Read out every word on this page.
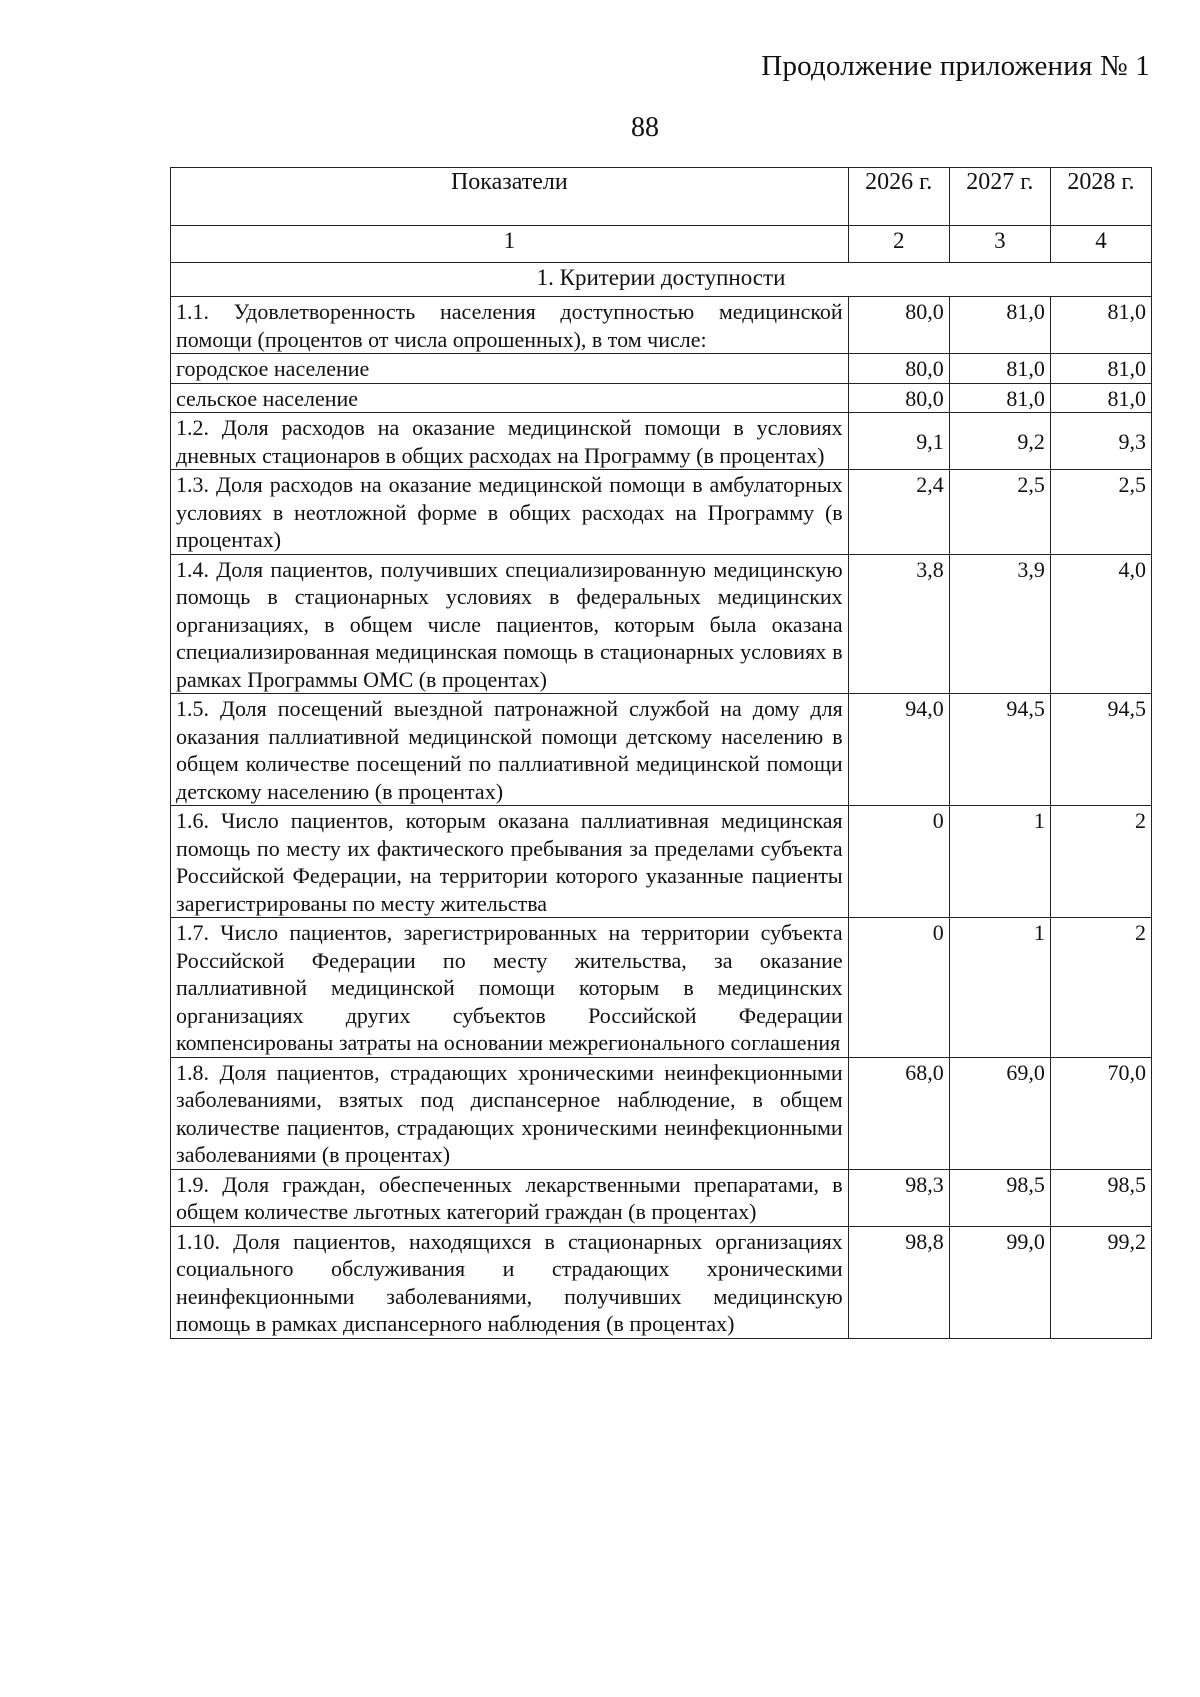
Продолжение приложения № 1
88
Показатели	2026 г.	2027 г.	2028 г.
1	2	3	4
1. Критерии доступности			
1.1. Удовлетворенность населения доступностью медицинской помощи (процентов от числа опрошенных), в том числе:	80,0	81,0	81,0
городское население	80,0	81,0	81,0
сельское население	80,0	81,0	81,0
1.2. Доля расходов на оказание медицинской помощи в условиях дневных стационаров в общих расходах на Программу (в процентах)	9,1	9,2	9,3
1.3. Доля расходов на оказание медицинской помощи в амбулаторных условиях в неотложной форме в общих расходах на Программу (в процентах)	2,4	2,5	2,5
1.4. Доля пациентов, получивших специализированную медицинскую помощь в стационарных условиях в федеральных медицинских организациях, в общем числе пациентов, которым была оказана специализированная медицинская помощь в стационарных условиях в рамках Программы ОМС (в процентах)	3,8	3,9	4,0
1.5. Доля посещений выездной патронажной службой на дому для оказания паллиативной медицинской помощи детскому населению в общем количестве посещений по паллиативной медицинской помощи детскому населению (в процентах)	94,0	94,5	94,5
1.6. Число пациентов, которым оказана паллиативная медицинская помощь по месту их фактического пребывания за пределами субъекта Российской Федерации, на территории которого указанные пациенты зарегистрированы по месту жительства	0	1	2
1.7. Число пациентов, зарегистрированных на территории субъекта Российской Федерации по месту жительства, за оказание паллиативной медицинской помощи которым в медицинских организациях других субъектов Российской Федерации компенсированы затраты на основании межрегионального соглашения	0	1	2
1.8. Доля пациентов, страдающих хроническими неинфекционными заболеваниями, взятых под диспансерное наблюдение, в общем количестве пациентов, страдающих хроническими неинфекционными заболеваниями (в процентах)	68,0	69,0	70,0
1.9. Доля граждан, обеспеченных лекарственными препаратами, в общем количестве льготных категорий граждан (в процентах)	98,3	98,5	98,5
1.10. Доля пациентов, находящихся в стационарных организациях социального обслуживания и страдающих хроническими неинфекционными заболеваниями, получивших медицинскую помощь в рамках диспансерного наблюдения (в процентах)	98,8	99,0	99,2
